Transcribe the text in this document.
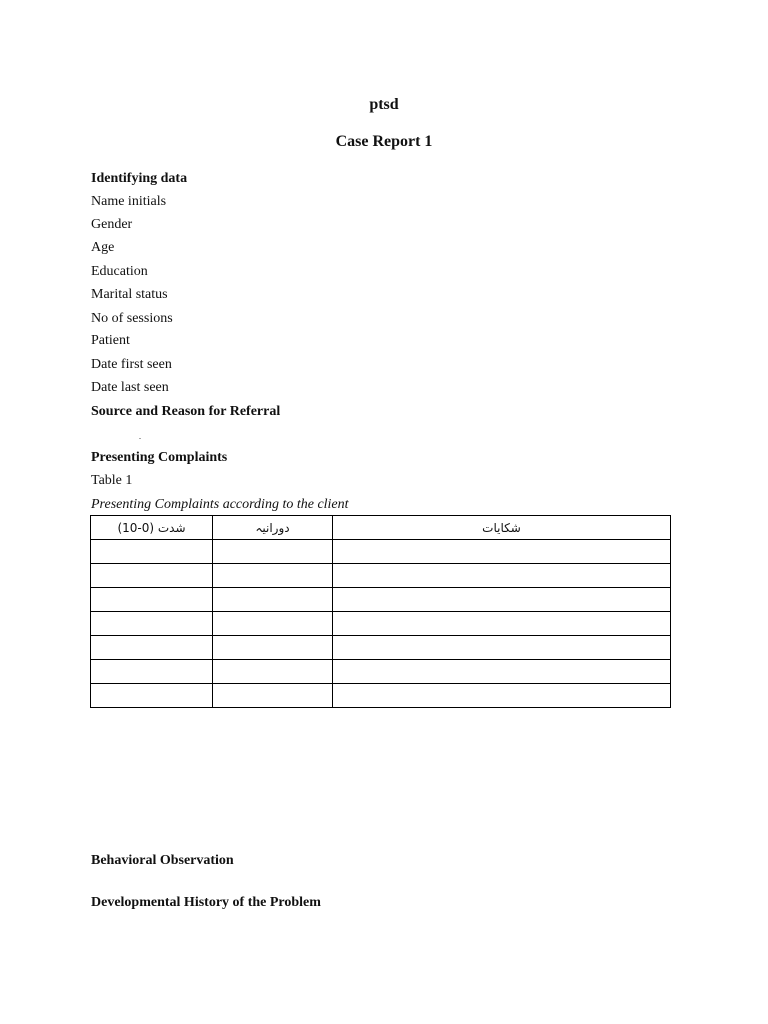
ptsd
Case Report 1
Identifying data
Name initials
Gender
Age
Education
Marital status
No of sessions
Patient
Date first seen
Date last seen
Source and Reason for Referral
.
Presenting Complaints
Table 1
Presenting Complaints according to the client
شدت (0-10)	دورانیہ	شکایات

Behavioral Observation
Developmental History of the Problem
